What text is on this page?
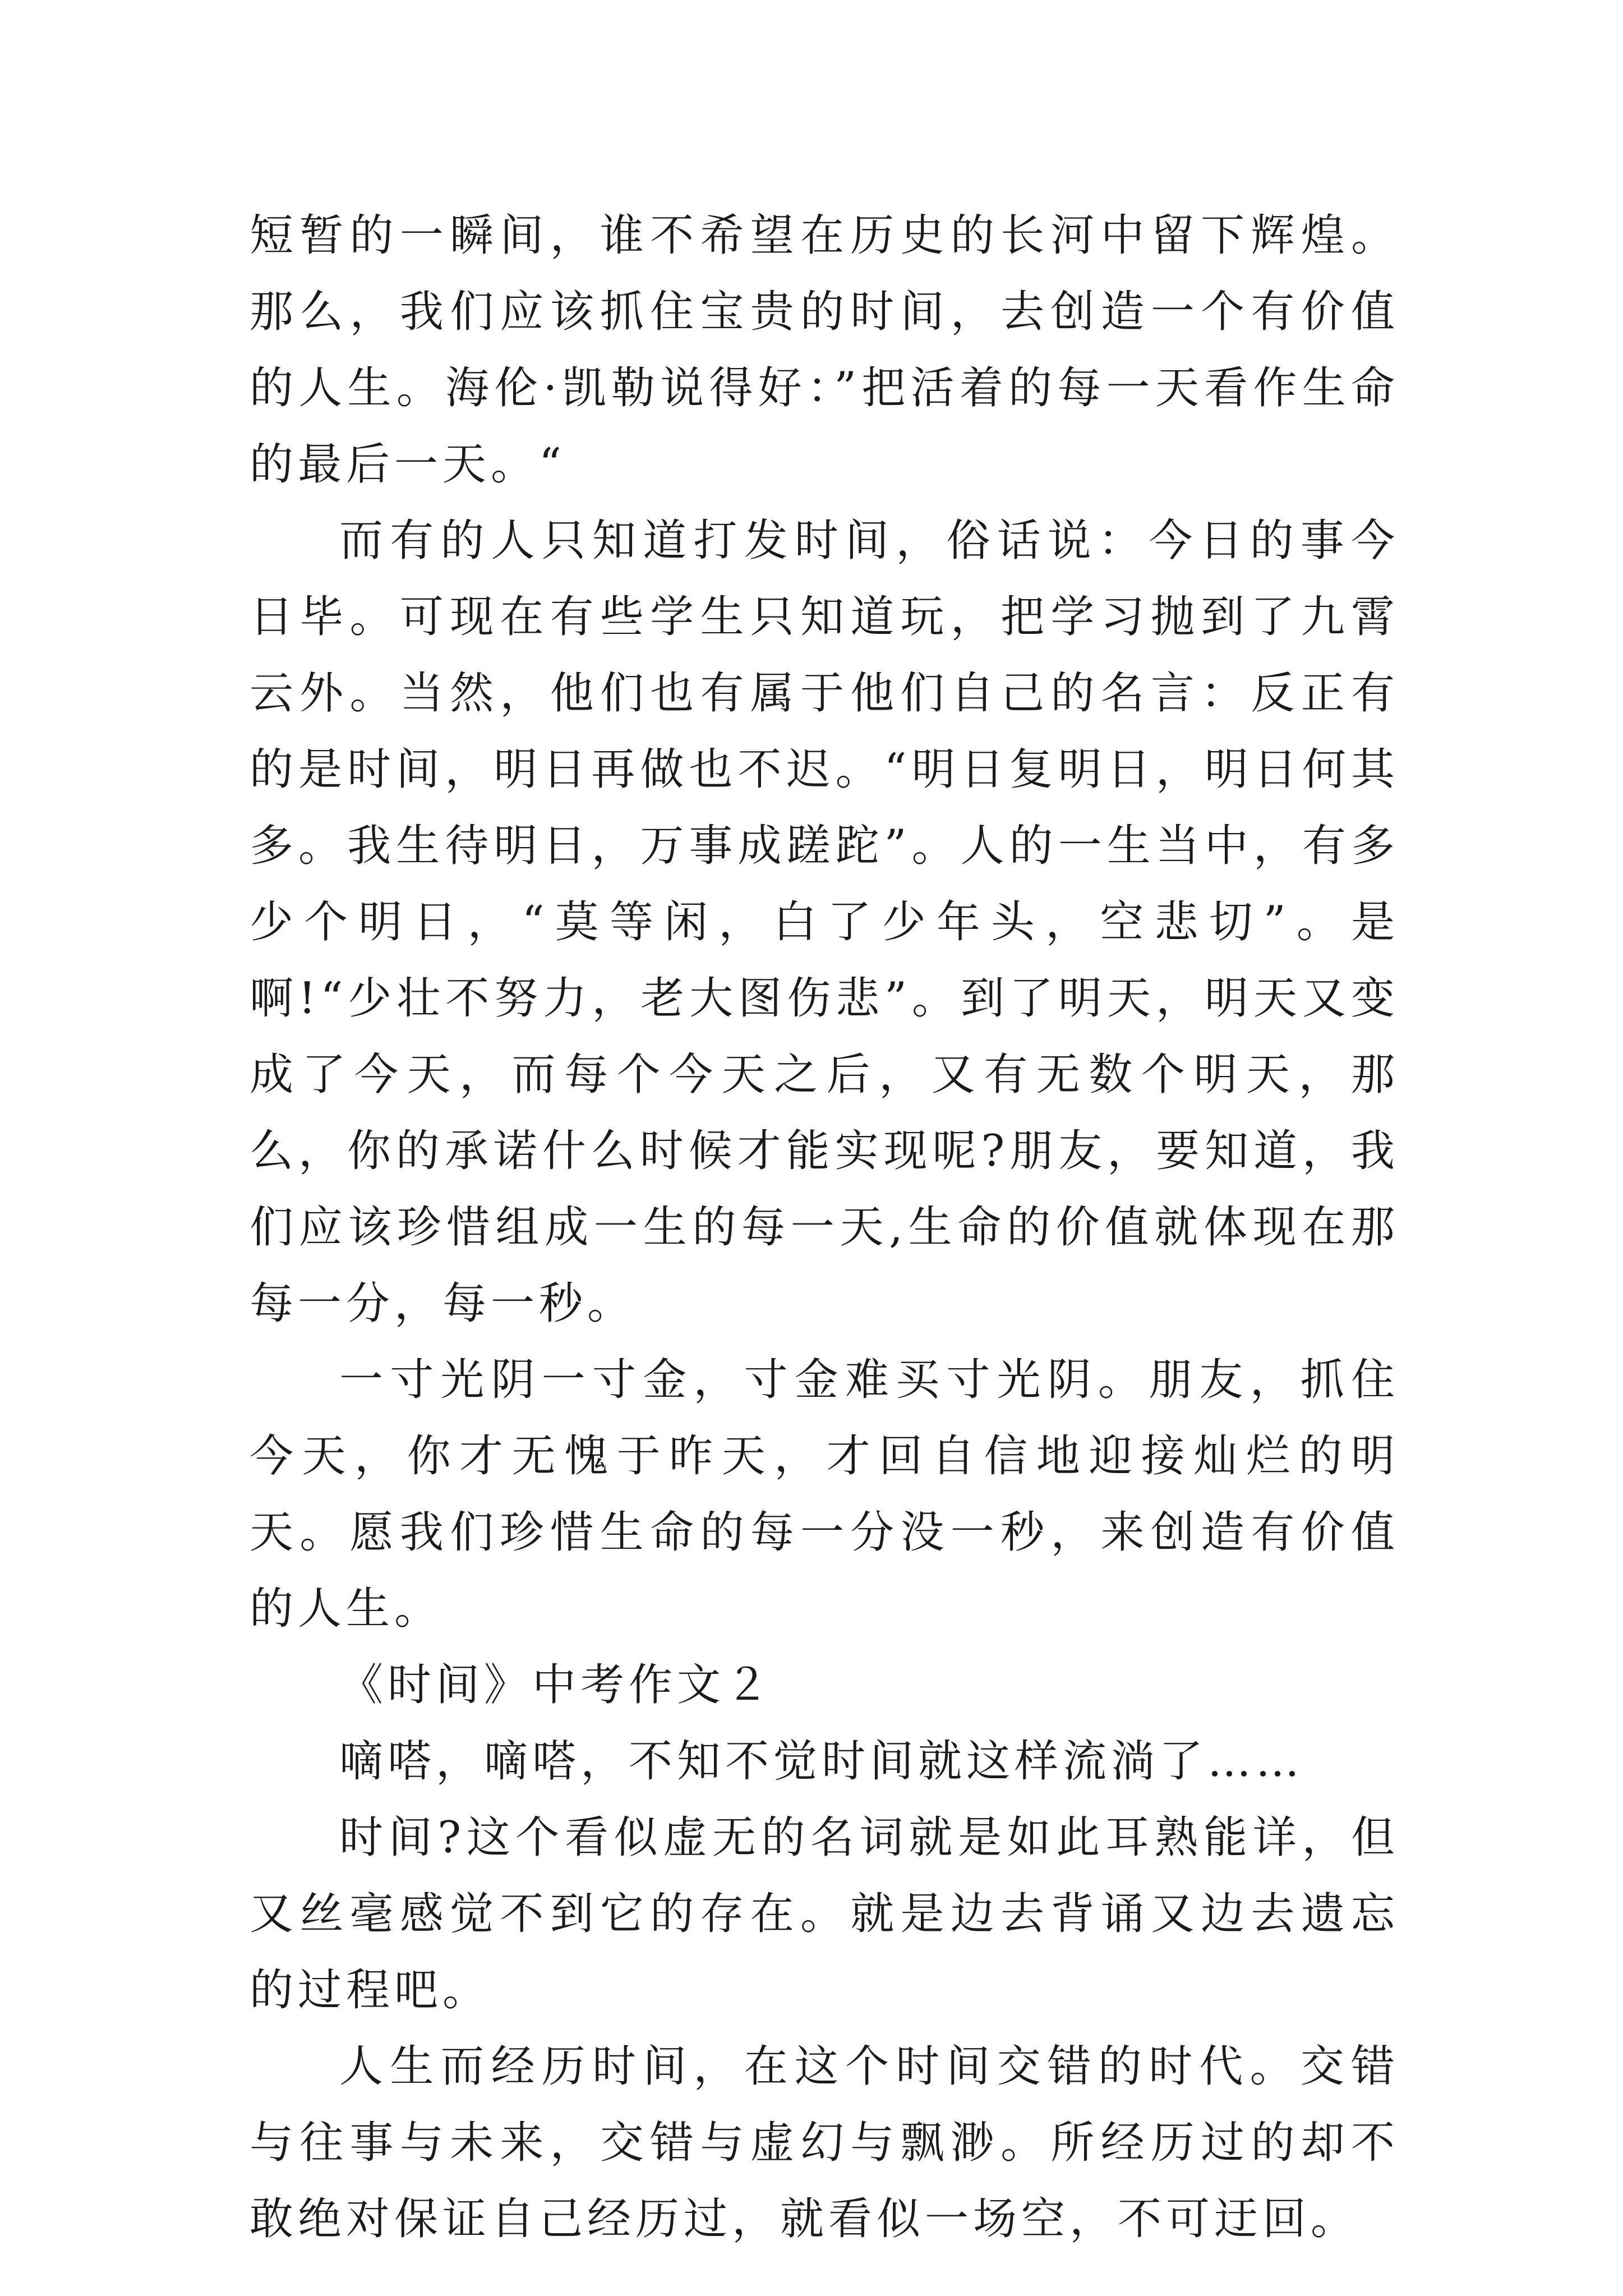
短暂的一瞬间，谁不希望在历史的长河中留下辉煌。那么，我们应该抓住宝贵的时间，去创造一个有价值的人生。海伦·凯勒说得好：”把活着的每一天看作生命的最后一天。“

而有的人只知道打发时间，俗话说：今日的事今日毕。可现在有些学生只知道玩，把学习抛到了九霄云外。当然，他们也有属于他们自己的名言：反正有的是时间，明日再做也不迟。“明日复明日，明日何其多。我生待明日，万事成蹉跎”。人的一生当中，有多少个明日，“莫等闲，白了少年头，空悲切”。是啊!“少壮不努力，老大图伤悲”。到了明天，明天又变成了今天，而每个今天之后，又有无数个明天，那么，你的承诺什么时候才能实现呢?朋友，要知道，我们应该珍惜组成一生的每一天,生命的价值就体现在那每一分，每一秒。

一寸光阴一寸金，寸金难买寸光阴。朋友，抓住今天，你才无愧于昨天，才回自信地迎接灿烂的明天。愿我们珍惜生命的每一分没一秒，来创造有价值的人生。

《时间》中考作文２

嘀嗒，嘀嗒，不知不觉时间就这样流淌了……

时间?这个看似虚无的名词就是如此耳熟能详，但又丝毫感觉不到它的存在。就是边去背诵又边去遗忘的过程吧。

人生而经历时间，在这个时间交错的时代。交错与往事与未来，交错与虚幻与飘渺。所经历过的却不敢绝对保证自己经历过，就看似一场空，不可迂回。
